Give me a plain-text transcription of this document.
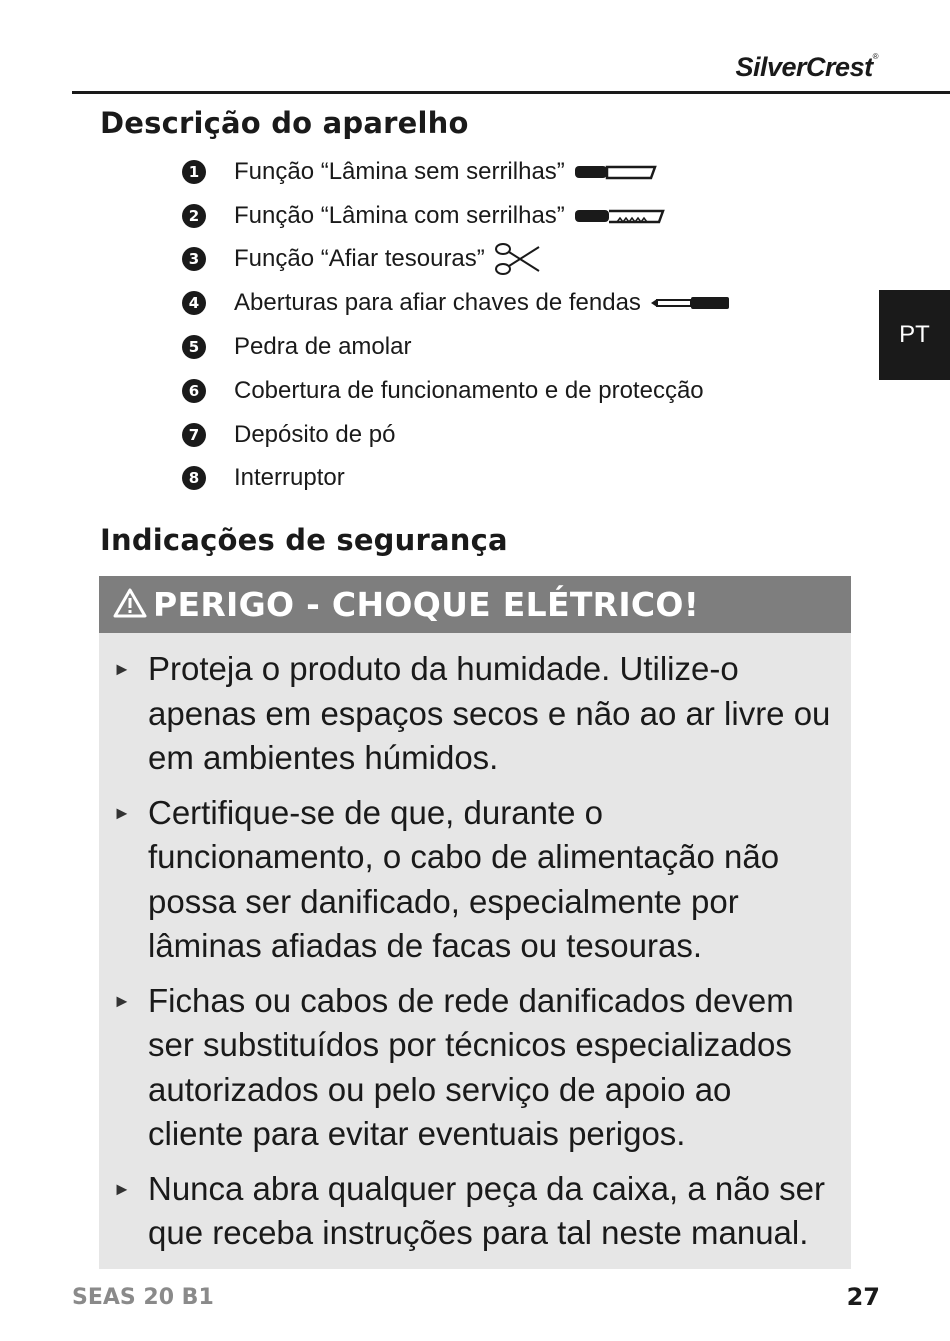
SilverCrest®
PT
Descrição do aparelho
1 Função “Lâmina sem serrilhas”
2 Função “Lâmina com serrilhas”
3 Função “Afiar tesouras”
4 Aberturas para afiar chaves de fendas
5 Pedra de amolar
6 Cobertura de funcionamento e de protecção
7 Depósito de pó
8 Interruptor
Indicações de segurança
PERIGO - CHOQUE ELÉTRICO!
► Proteja o produto da humidade. Utilize-o apenas em espaços secos e não ao ar livre ou em ambientes húmidos.
► Certifique-se de que, durante o funcionamento, o cabo de alimentação não possa ser danificado, especialmente por lâminas afiadas de facas ou tesouras.
► Fichas ou cabos de rede danificados devem ser substituídos por técnicos especializados autorizados ou pelo serviço de apoio ao cliente para evitar eventuais perigos.
► Nunca abra qualquer peça da caixa, a não ser que receba instruções para tal neste manual.
SEAS 20 B1	27
